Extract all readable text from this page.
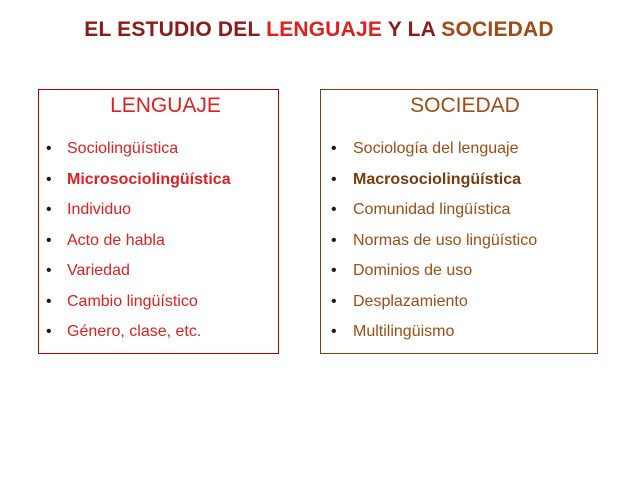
EL ESTUDIO DEL LENGUAJE Y LA SOCIEDAD
LENGUAJE
• Sociolingüística
• Microsociolingüística
• Individuo
• Acto de habla
• Variedad
• Cambio lingüístico
• Género, clase, etc.
SOCIEDAD
• Sociología del lenguaje
• Macrosociolingüística
• Comunidad lingüística
• Normas de uso lingüístico
• Dominios de uso
• Desplazamiento
• Multilingüismo
